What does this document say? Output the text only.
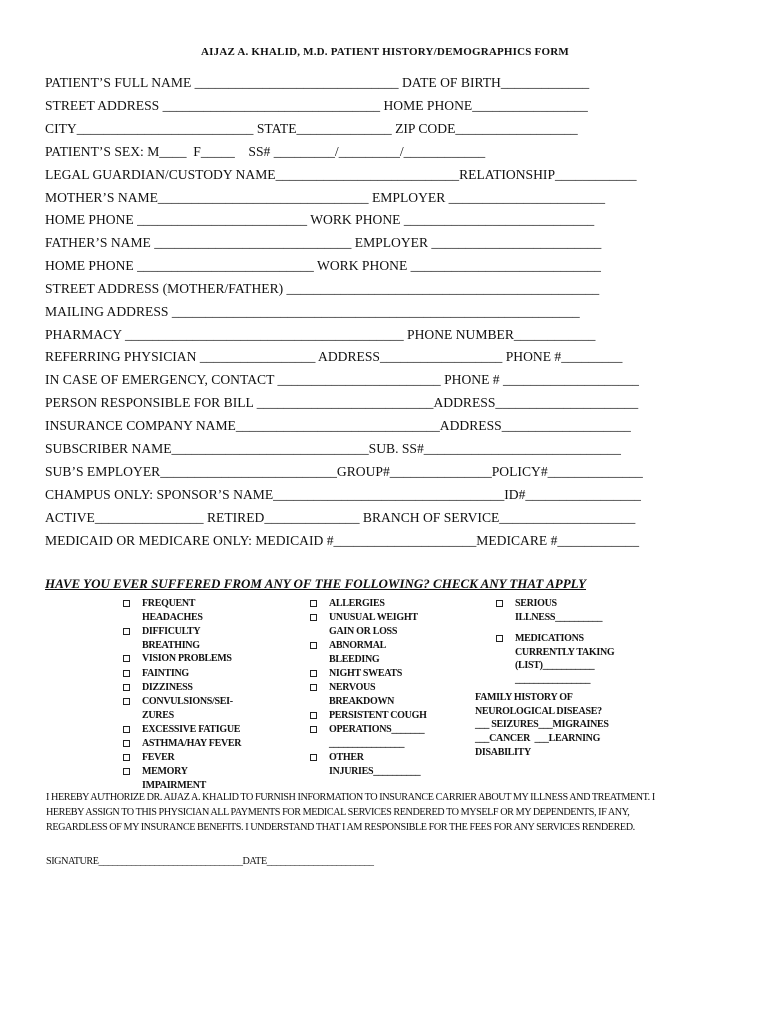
AIJAZ A. KHALID, M.D. PATIENT HISTORY/DEMOGRAPHICS FORM
PATIENT’S FULL NAME ______________________________ DATE OF BIRTH_____________
STREET ADDRESS ________________________________ HOME PHONE_________________
CITY__________________________ STATE______________ ZIP CODE__________________
PATIENT’S SEX: M____  F_____    SS# _________/_________/____________
LEGAL GUARDIAN/CUSTODY NAME___________________________RELATIONSHIP____________
MOTHER’S NAME_______________________________ EMPLOYER _______________________
HOME PHONE _________________________ WORK PHONE ____________________________
FATHER’S NAME _____________________________ EMPLOYER _________________________
HOME PHONE __________________________ WORK PHONE ____________________________
STREET ADDRESS (MOTHER/FATHER) ______________________________________________
MAILING ADDRESS ____________________________________________________________
PHARMACY _________________________________________ PHONE NUMBER____________
REFERRING PHYSICIAN _________________ ADDRESS__________________ PHONE #_________
IN CASE OF EMERGENCY, CONTACT ________________________ PHONE # ____________________
PERSON RESPONSIBLE FOR BILL __________________________ADDRESS_____________________
INSURANCE COMPANY NAME______________________________ADDRESS___________________
SUBSCRIBER NAME_____________________________SUB. SS#_____________________________
SUB’S EMPLOYER__________________________GROUP#_______________POLICY#______________
CHAMPUS ONLY: SPONSOR’S NAME__________________________________ID#_________________
ACTIVE________________ RETIRED______________ BRANCH OF SERVICE____________________
MEDICAID OR MEDICARE ONLY: MEDICAID #_____________________MEDICARE #____________
HAVE YOU EVER SUFFERED FROM ANY OF THE FOLLOWING? CHECK ANY THAT APPLY
FREQUENT
HEADACHES
DIFFICULTY
BREATHING
VISION PROBLEMS
FAINTING
DIZZINESS
CONVULSIONS/SEI-
ZURES
EXCESSIVE FATIGUE
ASTHMA/HAY FEVER
FEVER
MEMORY
IMPAIRMENT
ALLERGIES
UNUSUAL WEIGHT
GAIN OR LOSS
ABNORMAL
BLEEDING
NIGHT SWEATS
NERVOUS
BREAKDOWN
PERSISTENT COUGH
OPERATIONS_______
________________
OTHER
INJURIES__________
SERIOUS
ILLNESS__________
MEDICATIONS
CURRENTLY TAKING
(LIST)___________
________________
FAMILY HISTORY OF
NEUROLOGICAL DISEASE?
___ SEIZURES___MIGRAINES
___CANCER  ___LEARNING
DISABILITY
I HEREBY AUTHORIZE DR. AIJAZ A. KHALID TO FURNISH INFORMATION TO INSURANCE CARRIER ABOUT MY ILLNESS AND TREATMENT. I HEREBY ASSIGN TO THIS PHYSICIAN ALL PAYMENTS FOR MEDICAL SERVICES RENDERED TO MYSELF OR MY DEPENDENTS, IF ANY, REGARDLESS OF MY INSURANCE BENEFITS. I UNDERSTAND THAT I AM RESPONSIBLE FOR THE FEES FOR ANY SERVICES RENDERED.
SIGNATURE_______________________________DATE_______________________
